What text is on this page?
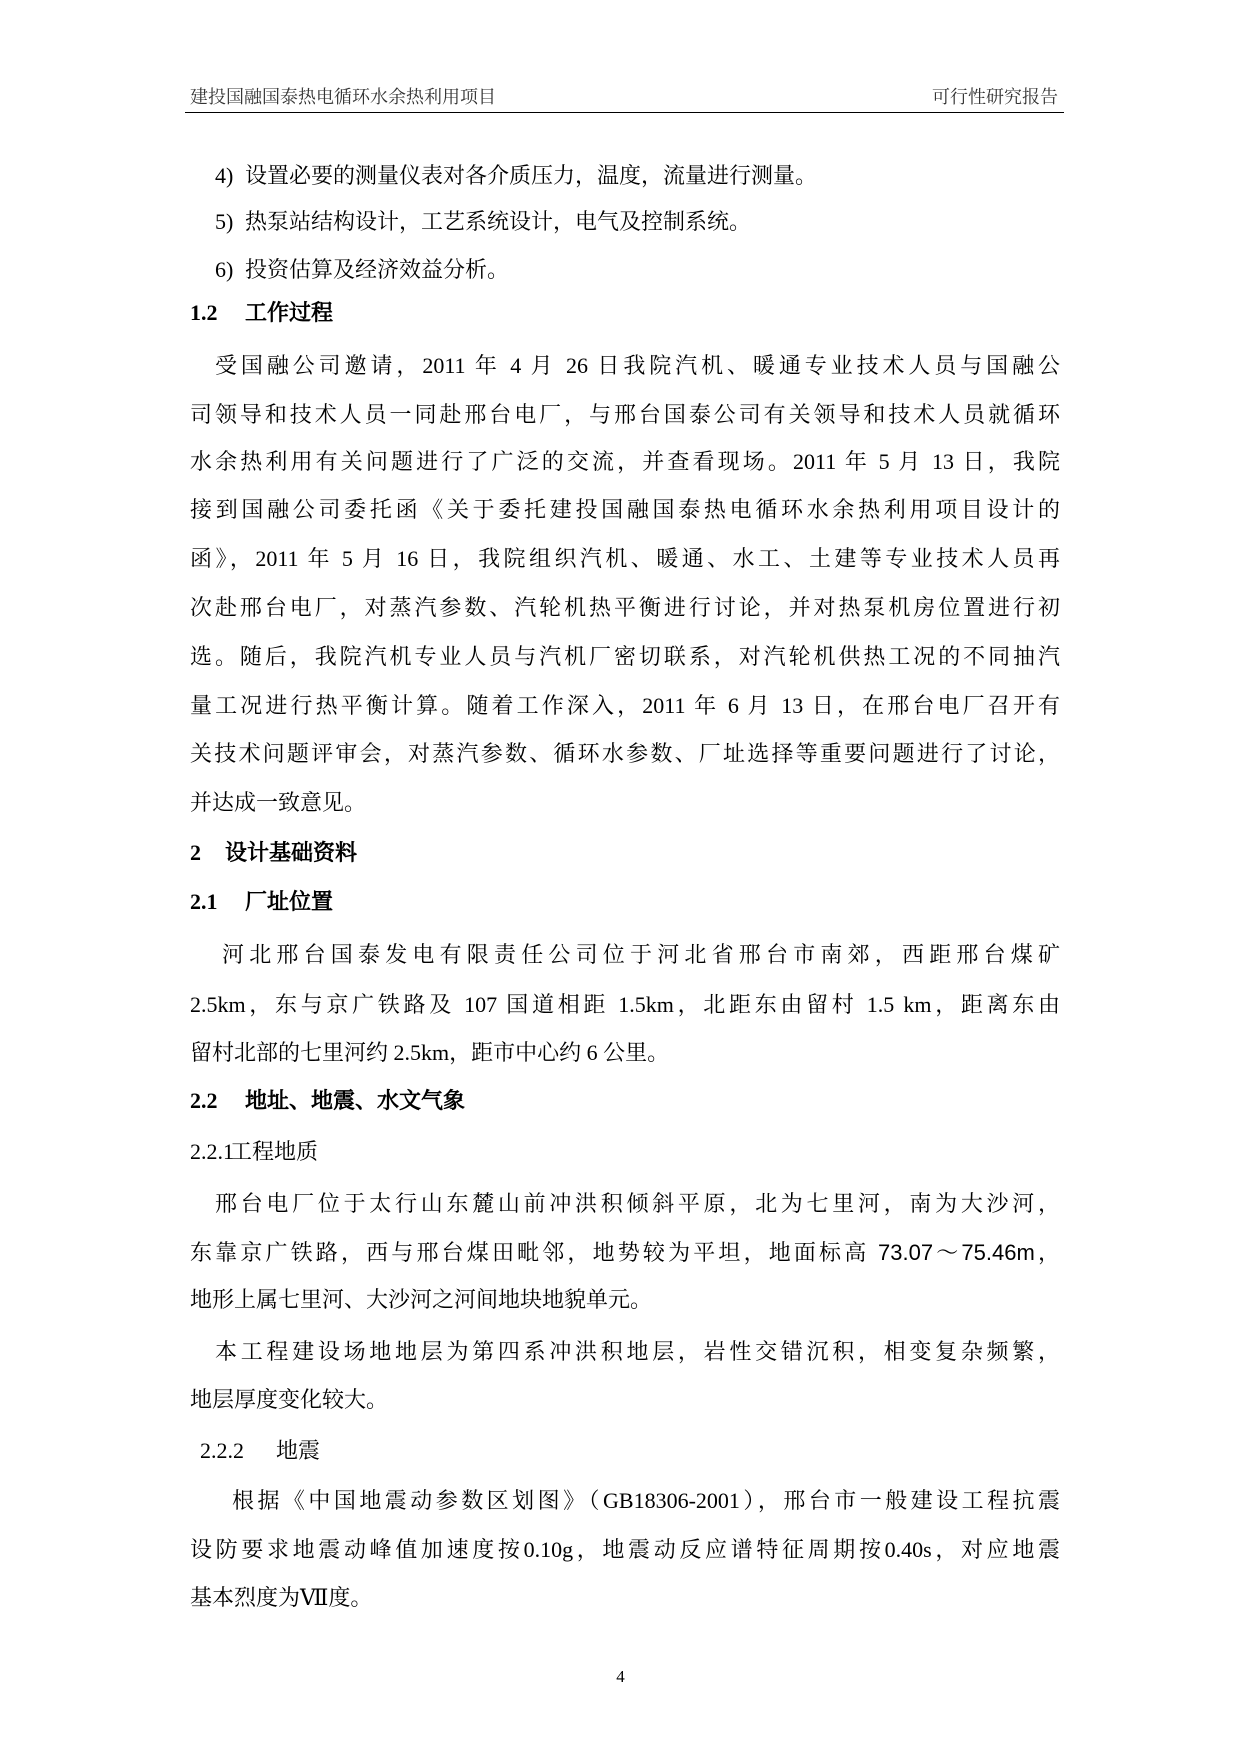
建投国融国泰热电循环水余热利用项目	可行性研究报告
4) 设置必要的测量仪表对各介质压力，温度，流量进行测量。
5) 热泵站结构设计，工艺系统设计，电气及控制系统。
6) 投资估算及经济效益分析。
1.2	工作过程
受国融公司邀请，2011 年 4 月 26 日我院汽机、暖通专业技术人员与国融公
司领导和技术人员一同赴邢台电厂，与邢台国泰公司有关领导和技术人员就循环
水余热利用有关问题进行了广泛的交流，并查看现场。2011 年 5 月 13 日，我院
接到国融公司委托函《关于委托建投国融国泰热电循环水余热利用项目设计的
函》，2011 年 5 月 16 日，我院组织汽机、暖通、水工、土建等专业技术人员再
次赴邢台电厂，对蒸汽参数、汽轮机热平衡进行讨论，并对热泵机房位置进行初
选。随后，我院汽机专业人员与汽机厂密切联系，对汽轮机供热工况的不同抽汽
量工况进行热平衡计算。随着工作深入，2011 年 6 月 13 日，在邢台电厂召开有
关技术问题评审会，对蒸汽参数、循环水参数、厂址选择等重要问题进行了讨论，
并达成一致意见。
2	设计基础资料
2.1	厂址位置
河北邢台国泰发电有限责任公司位于河北省邢台市南郊，西距邢台煤矿
2.5km，东与京广铁路及 107 国道相距 1.5km，北距东由留村 1.5 km，距离东由
留村北部的七里河约 2.5km，距市中心约 6 公里。
2.2	地址、地震、水文气象
2.2.1
工程地质
邢台电厂位于太行山东麓山前冲洪积倾斜平原，北为七里河，南为大沙河，
东靠京广铁路，西与邢台煤田毗邻，地势较为平坦，地面标高 73.07～75.46m，
地形上属七里河、大沙河之河间地块地貌单元。
本工程建设场地地层为第四系冲洪积地层，岩性交错沉积，相变复杂频繁，
地层厚度变化较大。
2.2.2	地震
根据《中国地震动参数区划图》（GB18306-2001），邢台市一般建设工程抗震
设防要求地震动峰值加速度按0.10g，地震动反应谱特征周期按0.40s，对应地震
基本烈度为Ⅶ度。
4
